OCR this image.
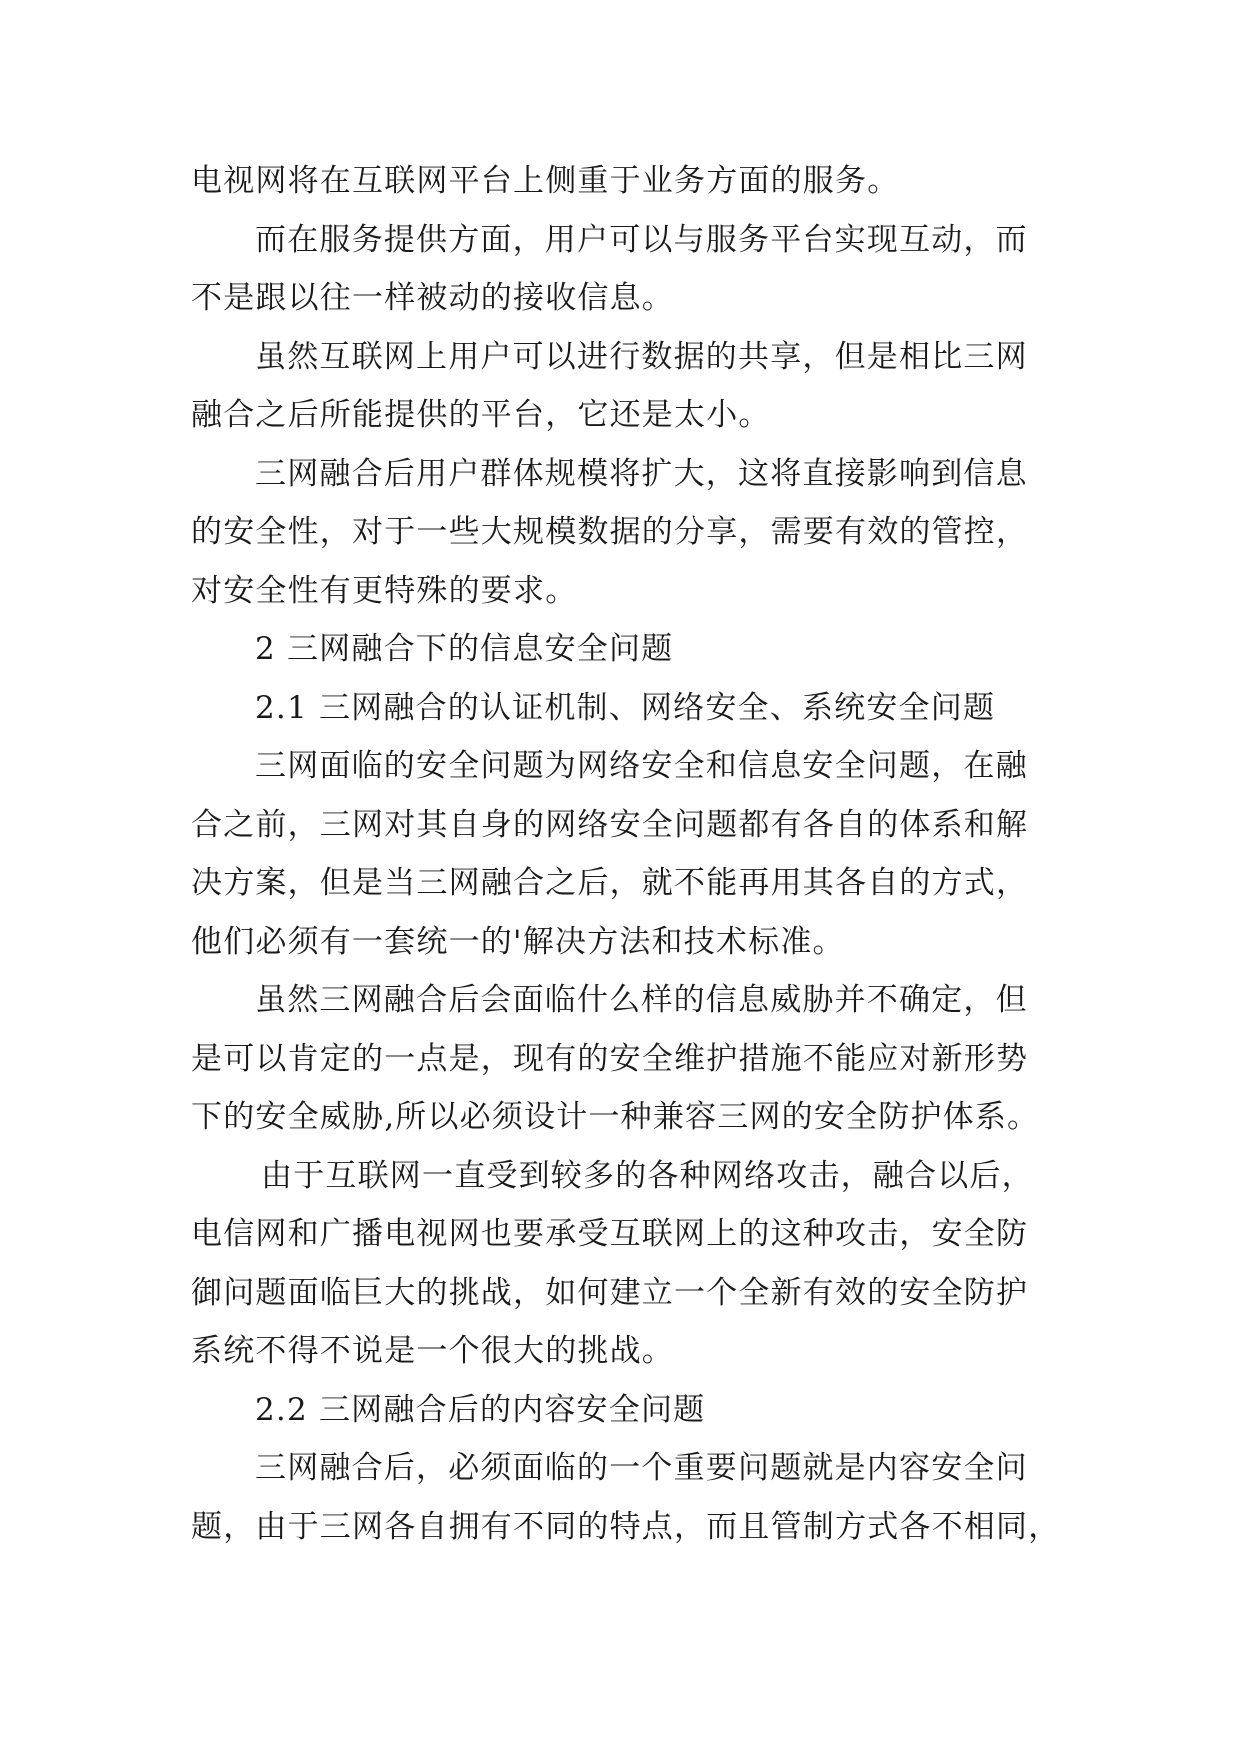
电视网将在互联网平台上侧重于业务方面的服务。
而在服务提供方面，用户可以与服务平台实现互动，而
不是跟以往一样被动的接收信息。
虽然互联网上用户可以进行数据的共享，但是相比三网
融合之后所能提供的平台，它还是太小。
三网融合后用户群体规模将扩大，这将直接影响到信息
的安全性，对于一些大规模数据的分享，需要有效的管控，
对安全性有更特殊的要求。
2 三网融合下的信息安全问题
2.1 三网融合的认证机制、网络安全、系统安全问题
三网面临的安全问题为网络安全和信息安全问题，在融
合之前，三网对其自身的网络安全问题都有各自的体系和解
决方案，但是当三网融合之后，就不能再用其各自的方式，
他们必须有一套统一的'解决方法和技术标准。
虽然三网融合后会面临什么样的信息威胁并不确定，但
是可以肯定的一点是，现有的安全维护措施不能应对新形势
下的安全威胁,所以必须设计一种兼容三网的安全防护体系。
由于互联网一直受到较多的各种网络攻击，融合以后，
电信网和广播电视网也要承受互联网上的这种攻击，安全防
御问题面临巨大的挑战，如何建立一个全新有效的安全防护
系统不得不说是一个很大的挑战。
2.2 三网融合后的内容安全问题
三网融合后，必须面临的一个重要问题就是内容安全问
题，由于三网各自拥有不同的特点，而且管制方式各不相同，
